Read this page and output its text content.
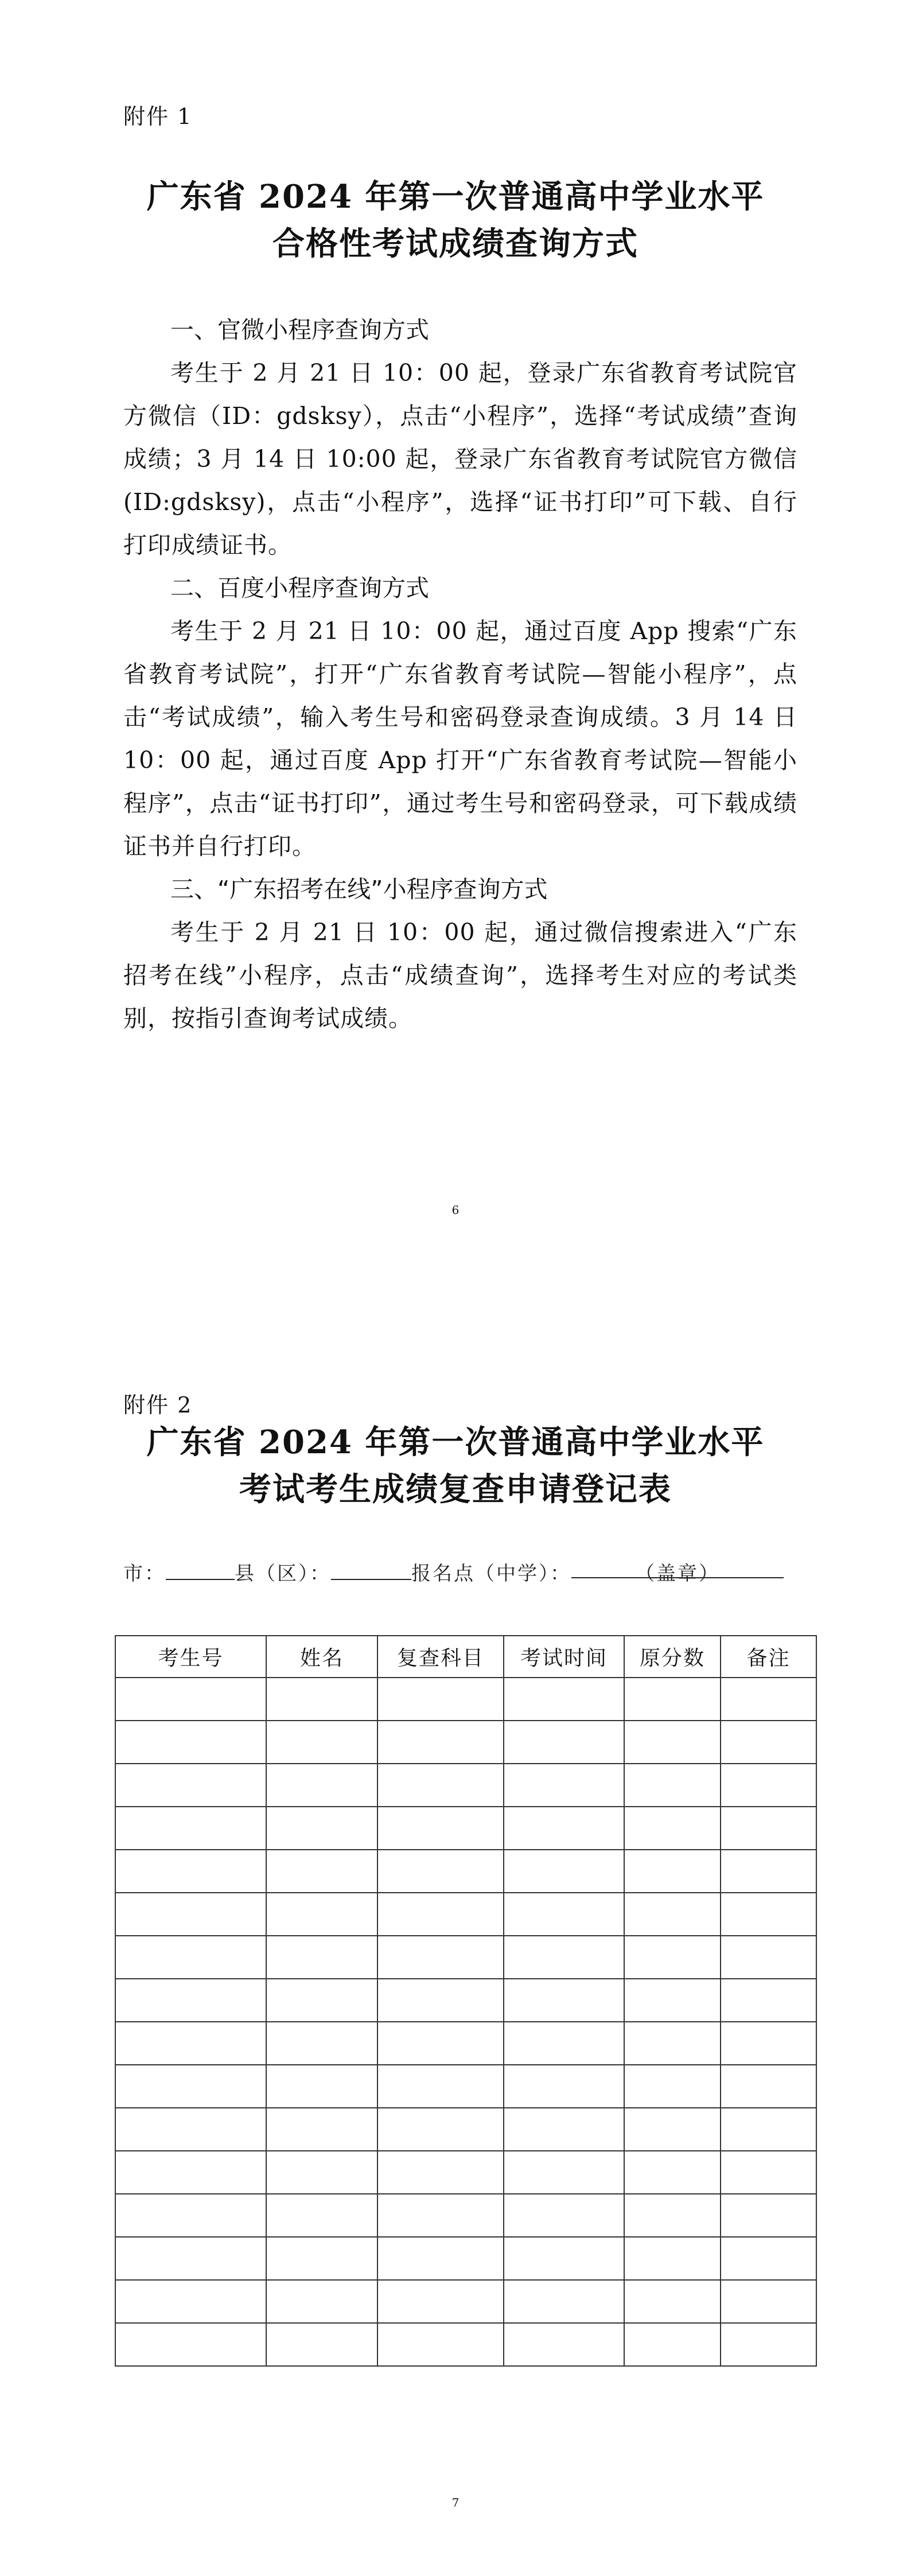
附件 1
广东省 2024 年第一次普通高中学业水平
合格性考试成绩查询方式
一、官微小程序查询方式
考生于 2 月 21 日 10：00 起，登录广东省教育考试院官方微信（ID：gdsksy），点击“小程序”，选择“考试成绩”查询成绩；3 月 14 日 10:00 起，登录广东省教育考试院官方微信(ID:gdsksy)，点击“小程序”，选择“证书打印”可下载、自行打印成绩证书。
二、百度小程序查询方式
考生于 2 月 21 日 10：00 起，通过百度 App 搜索“广东省教育考试院”，打开“广东省教育考试院—智能小程序”，点击“考试成绩”，输入考生号和密码登录查询成绩。3 月 14 日 10：00 起，通过百度 App 打开“广东省教育考试院—智能小程序”，点击“证书打印”，通过考生号和密码登录，可下载成绩证书并自行打印。
三、“广东招考在线”小程序查询方式
考生于 2 月 21 日 10：00 起，通过微信搜索进入“广东招考在线”小程序，点击“成绩查询”，选择考生对应的考试类别，按指引查询考试成绩。
6
附件 2
广东省 2024 年第一次普通高中学业水平
考试考生成绩复查申请登记表
市：	县（区）：	报名点（中学）：	（盖章）
考生号	姓名	复查科目	考试时间	原分数	备注

7
